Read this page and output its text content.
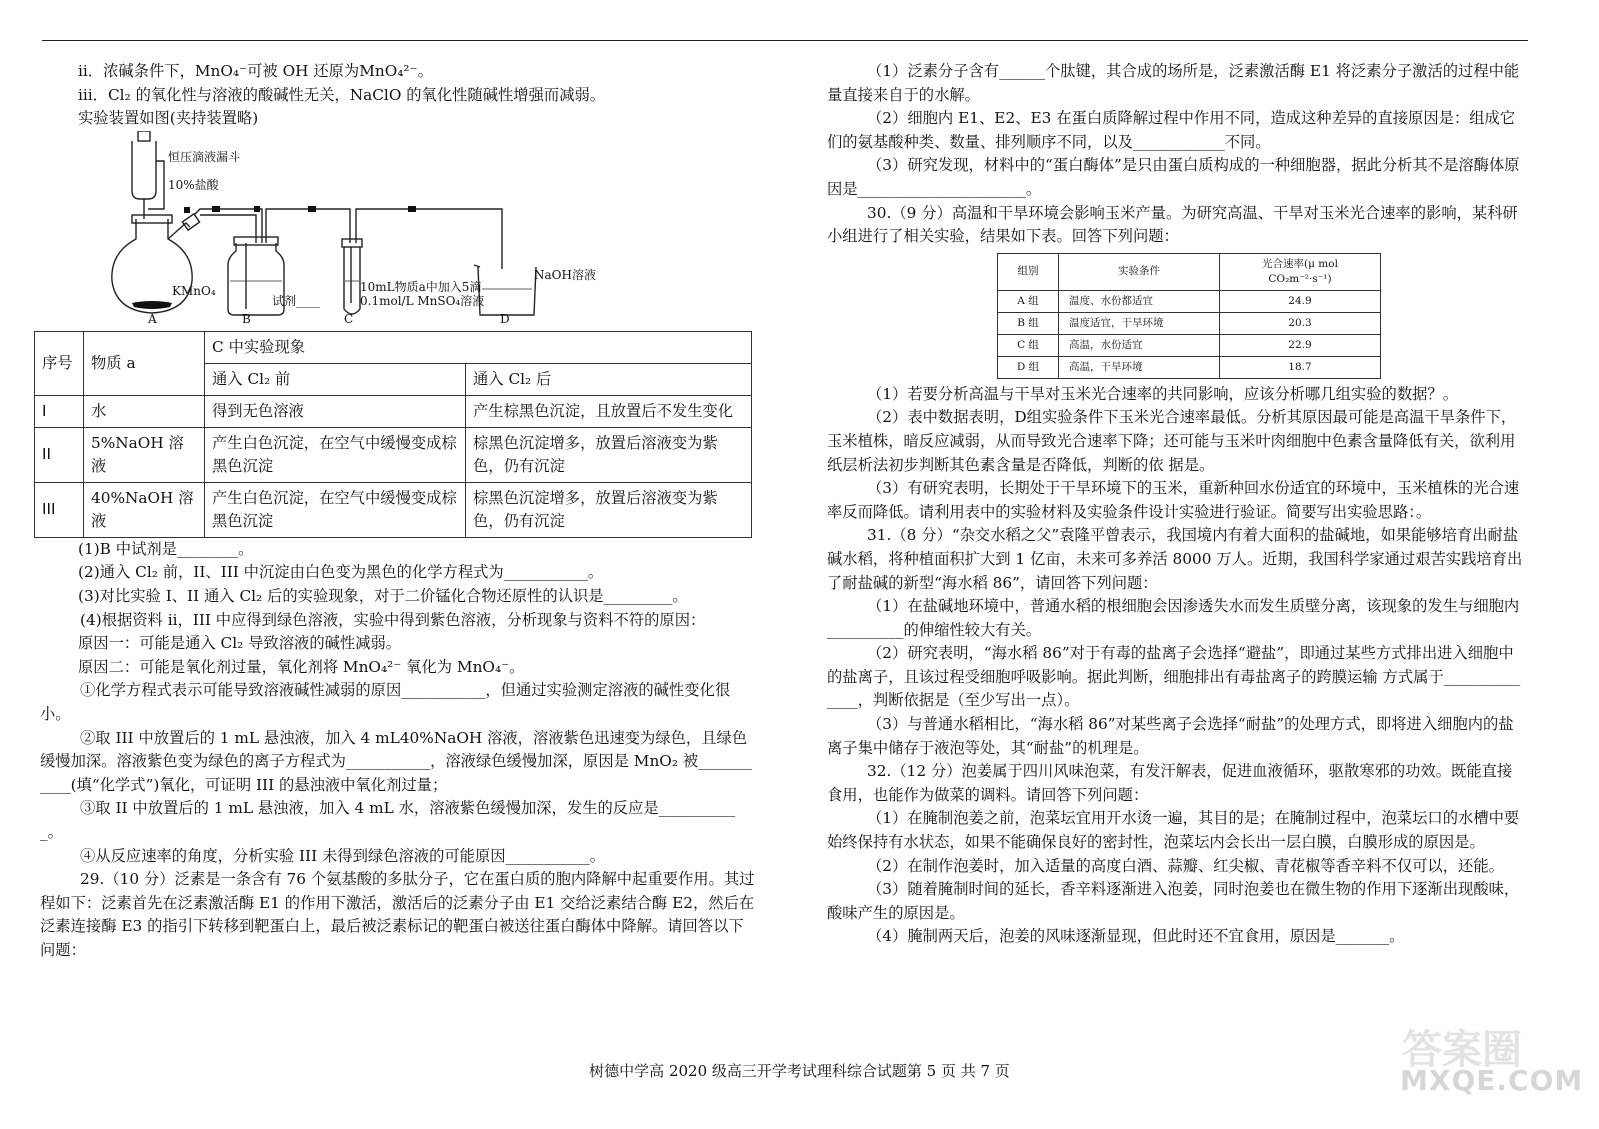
ii．浓碱条件下，MnO₄⁻可被 OH 还原为MnO₄²⁻。

iii．Cl₂ 的氧化性与溶液的酸碱性无关，NaClO 的氧化性随碱性增强而减弱。

实验装置如图(夹持装置略)

恒压滴液漏斗
10%盐酸
KMnO₄
试剂____
10mL物质a中加入5滴
0.1mol/L MnSO₄溶液
NaOH溶液
A	B	C	D
序号	物质 a	C 中实验现象	
		通入 Cl₂ 前	通入 Cl₂ 后
I	水	得到无色溶液	产生棕黑色沉淀，且放置后不发生变化
II	5%NaOH 溶液	产生白色沉淀，在空气中缓慢变成棕黑色沉淀	棕黑色沉淀增多，放置后溶液变为紫色，仍有沉淀
III	40%NaOH 溶液	产生白色沉淀，在空气中缓慢变成棕黑色沉淀	棕黑色沉淀增多，放置后溶液变为紫色，仍有沉淀

(1)B 中试剂是________。

(2)通入 Cl₂ 前，II、III 中沉淀由白色变为黑色的化学方程式为___________。

(3)对比实验 I、II 通入 Cl₂ 后的实验现象，对于二价锰化合物还原性的认识是_________。

(4)根据资料 ii，III 中应得到绿色溶液，实验中得到紫色溶液，分析现象与资料不符的原因：

原因一：可能是通入 Cl₂ 导致溶液的碱性减弱。

原因二：可能是氧化剂过量，氧化剂将 MnO₄²⁻ 氧化为 MnO₄⁻。

①化学方程式表示可能导致溶液碱性减弱的原因___________，但通过实验测定溶液的碱性变化很小。

②取 III 中放置后的 1 mL 悬浊液，加入 4 mL40%NaOH 溶液，溶液紫色迅速变为绿色，且绿色缓慢加深。溶液紫色变为绿色的离子方程式为___________，溶液绿色缓慢加深，原因是 MnO₂ 被___________(填“化学式”)氧化，可证明 III 的悬浊液中氧化剂过量；

③取 II 中放置后的 1 mL 悬浊液，加入 4 mL 水，溶液紫色缓慢加深，发生的反应是___________。

④从反应速率的角度，分析实验 III 未得到绿色溶液的可能原因___________。

29.（10 分）泛素是一条含有 76 个氨基酸的多肽分子，它在蛋白质的胞内降解中起重要作用。其过程如下：泛素首先在泛素激活酶 E1 的作用下激活，激活后的泛素分子由 E1 交给泛素结合酶 E2，然后在泛素连接酶 E3 的指引下转移到靶蛋白上，最后被泛素标记的靶蛋白被送往蛋白酶体中降解。请回答以下问题：

（1）泛素分子含有______个肽键，其合成的场所是，泛素激活酶 E1 将泛素分子激活的过程中能量直接来自于的水解。

（2）细胞内 E1、E2、E3 在蛋白质降解过程中作用不同，造成这种差异的直接原因是：组成它们的氨基酸种类、数量、排列顺序不同，以及____________不同。

（3）研究发现，材料中的“蛋白酶体”是只由蛋白质构成的一种细胞器，据此分析其不是溶酶体原因是______________________。

30.（9 分）高温和干旱环境会影响玉米产量。为研究高温、干旱对玉米光合速率的影响，某科研小组进行了相关实验，结果如下表。回答下列问题：

组别	实验条件	光合速率(μ mol CO₂m⁻²·s⁻¹)
A 组	温度、水份都适宜	24.9
B 组	温度适宜，干旱环境	20.3
C 组	高温，水份适宜	22.9
D 组	高温，干旱环境	18.7

（1）若要分析高温与干旱对玉米光合速率的共同影响，应该分析哪几组实验的数据？。

（2）表中数据表明，D组实验条件下玉米光合速率最低。分析其原因最可能是高温干旱条件下，玉米植株，暗反应减弱，从而导致光合速率下降；还可能与玉米叶肉细胞中色素含量降低有关，欲利用纸层析法初步判断其色素含量是否降低，判断的依 据是。

（3）有研究表明，长期处于干旱环境下的玉米，重新种回水份适宜的环境中，玉米植株的光合速率反而降低。请利用表中的实验材料及实验条件设计实验进行验证。简要写出实验思路：。

31.（8 分）“杂交水稻之父”袁隆平曾表示，我国境内有着大面积的盐碱地，如果能够培育出耐盐碱水稻，将种植面积扩大到 1 亿亩，未来可多养活 8000 万人。近期，我国科学家通过艰苦实践培育出了耐盐碱的新型“海水稻 86”，请回答下列问题：

（1）在盐碱地环境中，普通水稻的根细胞会因渗透失水而发生质壁分离，该现象的发生与细胞内__________的伸缩性较大有关。

（2）研究表明，“海水稻 86”对于有毒的盐离子会选择“避盐”，即通过某些方式排出进入细胞中的盐离子，且该过程受细胞呼吸影响。据此判断，细胞排出有毒盐离子的跨膜运输 方式属于______________，判断依据是（至少写出一点）。

（3）与普通水稻相比，“海水稻 86”对某些离子会选择“耐盐”的处理方式，即将进入细胞内的盐离子集中储存于液泡等处，其“耐盐”的机理是。

32.（12 分）泡姜属于四川风味泡菜，有发汗解表，促进血液循环，驱散寒邪的功效。既能直接食用，也能作为做菜的调料。请回答下列问题：

（1）在腌制泡姜之前，泡菜坛宜用开水烫一遍，其目的是；在腌制过程中，泡菜坛口的水槽中要始终保持有水状态，如果不能确保良好的密封性，泡菜坛内会长出一层白膜，白膜形成的原因是。

（2）在制作泡姜时，加入适量的高度白酒、蒜瓣、红尖椒、青花椒等香辛料不仅可以，还能。

（3）随着腌制时间的延长，香辛料逐渐进入泡姜，同时泡姜也在微生物的作用下逐渐出现酸味，酸味产生的原因是。

（4）腌制两天后，泡姜的风味逐渐显现，但此时还不宜食用，原因是_______。

树德中学高 2020 级高三开学考试理科综合试题第 5 页 共 7 页	答案圈
MXQE.COM
